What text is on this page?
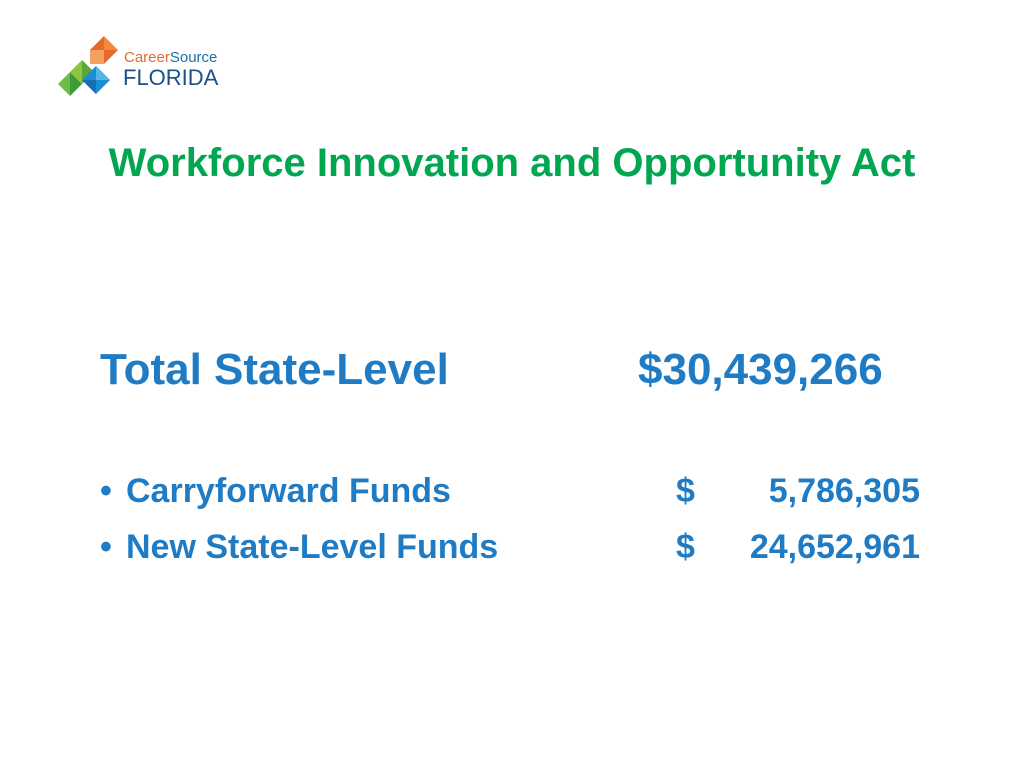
CareerSource
FLORIDA
Workforce Innovation and Opportunity Act
Total State-Level	$30,439,266
• Carryforward Funds	$ 5,786,305
• New State-Level Funds	$ 24,652,961
